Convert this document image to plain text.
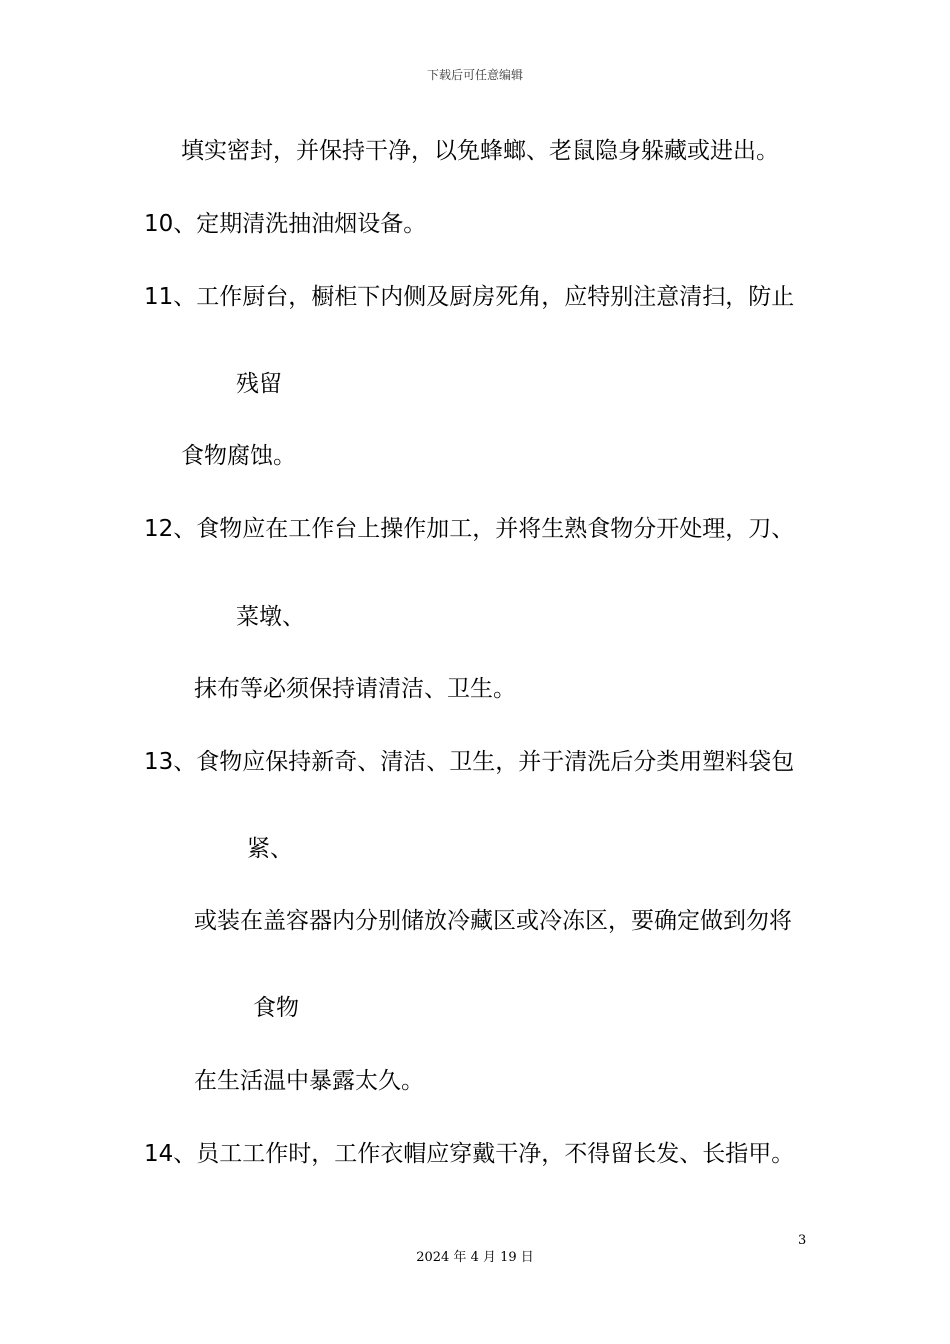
下载后可任意编辑
填实密封，并保持干净，以免蜂螂、老鼠隐身躲藏或进出。
10、定期清洗抽油烟设备。
11、工作厨台，橱柜下内侧及厨房死角，应特别注意清扫，防止
残留
食物腐蚀。
12、食物应在工作台上操作加工，并将生熟食物分开处理，刀、
菜墩、
抹布等必须保持请清洁、卫生。
13、食物应保持新奇、清洁、卫生，并于清洗后分类用塑料袋包
紧、
或装在盖容器内分别储放冷藏区或冷冻区，要确定做到勿将
食物
在生活温中暴露太久。
14、员工工作时，工作衣帽应穿戴干净，不得留长发、长指甲。
3
2024 年 4 月 19 日
